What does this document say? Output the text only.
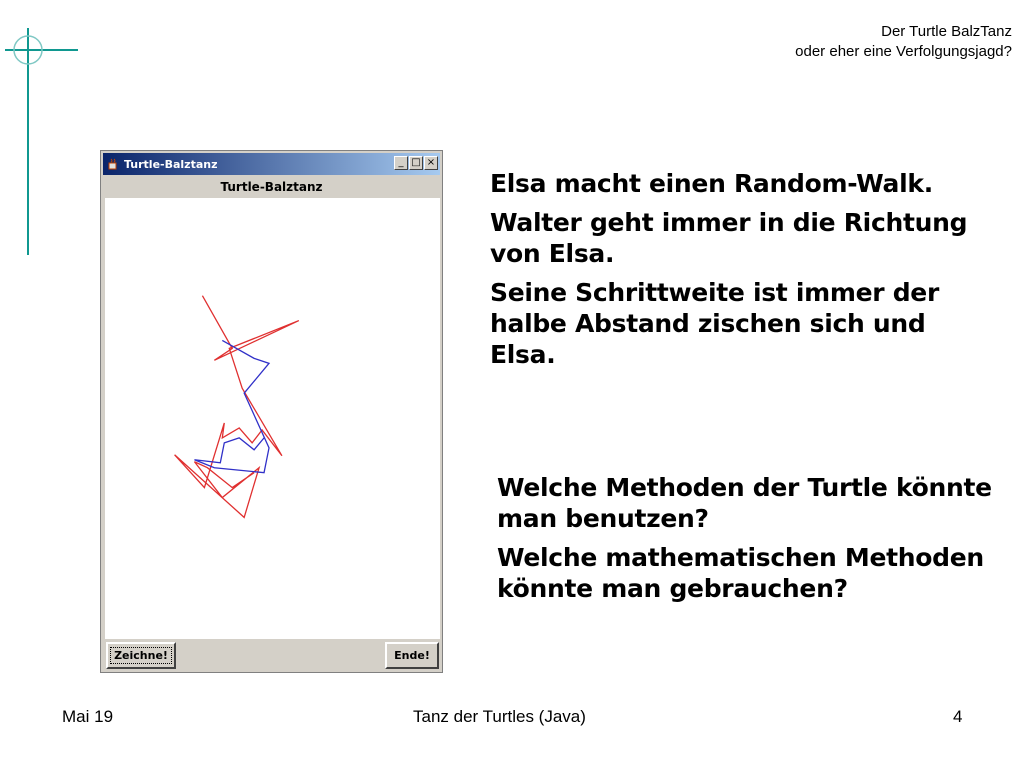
Der Turtle BalzTanz
oder eher eine Verfolgungsjagd?
Turtle-Balztanz	_ □ ×
Turtle-Balztanz
Zeichne!	Ende!

Elsa macht einen Random-Walk.

Walter geht immer in die Richtung von Elsa.

Seine Schrittweite ist immer der halbe Abstand zischen sich und Elsa.

Welche Methoden der Turtle könnte man benutzen?

Welche mathematischen Methoden könnte man gebrauchen?

Mai 19	Tanz der Turtles (Java)	4
